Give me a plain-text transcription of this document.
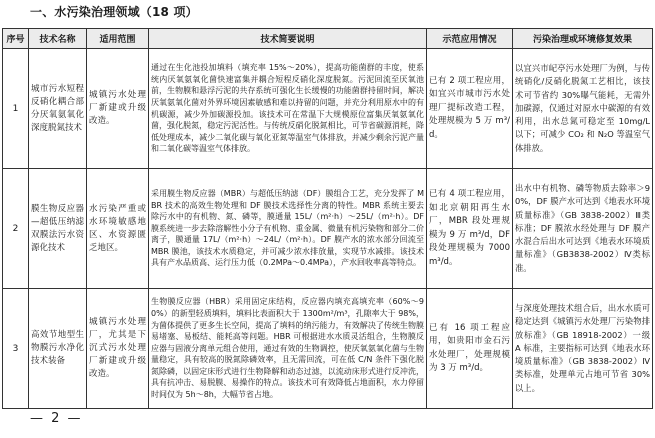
一、水污染治理领域（18 项）
序号	技术名称	适用范围	技术简要说明	示范应用情况	污染治理或环境修复效果
1	城市污水短程反硝化耦合部分厌氧氨氧化深度脱氮技术	城镇污水处理厂新建或升级改造。	通过在生化池投加填料（填充率 15%～20%），提高功能菌群的丰度，使系统内厌氧氨氧化菌快速富集并耦合短程反硝化深度脱氮。污泥回流至厌氧池前，生物膜和悬浮污泥的共存系统可强化生长缓慢的功能菌群持留时间，解决厌氧氨氧化菌对外界环境因素敏感和难以持留的问题，并充分利用原水中的有机碳源，减少外加碳源投加。该技术可在常温下大规模原位富集厌氧氨氧化菌，强化脱氮，稳定污泥活性。与传统反硝化脱氮相比，可节省碳源消耗，降低处理成本，减少二氧化碳与氧化亚氮等温室气体排放，并减少剩余污泥产量和二氧化碳等温室气体排放。	已有 2 项工程应用，如宜兴市城市污水处理厂提标改造工程，处理规模为 5 万 m³/d。	以宜兴市屺亭污水处理厂为例，与传统硝化/反硝化脱氮工艺相比，该技术可节省约 30%曝气能耗，无需外加碳源，仅通过对原水中碳源的有效利用，出水总氮可稳定至 10mg/L 以下；可减少 CO₂ 和 N₂O 等温室气体排放。
2	膜生物反应器—超低压纳滤双膜法污水资源化技术	水污染严重或水环境敏感地区、水资源匮乏地区。	采用膜生物反应器（MBR）与超低压纳滤（DF）膜组合工艺，充分发挥了 MBR 技术的高效生物处理和 DF 膜技术选择性分离的特性。MBR 系统主要去除污水中的有机物、氮、磷等，膜通量 15L/（m²·h）～25L/（m²·h）。DF 膜系统进一步去除溶解性小分子有机物、重金属、微量有机污染物和部分二价离子，膜通量 17L/（m²·h）～24L/（m²·h）。DF 膜产水的浓水部分回流至 MBR 膜池，该技术水质稳定，并可减少浓水排放量，实现节水减排。该技术具有产水品质高、运行压力低（0.2MPa～0.4MPa），产水回收率高等特点。	已有 4 项工程应用，如北京朝阳再生水厂，MBR 段处理规模为 9 万 m³/d，DF 段处理规模为 7000m³/d。	出水中有机物、磷等物质去除率＞90%，DF 膜产水可达到《地表水环境质量标准》（GB 3838-2002）Ⅲ类标准；DF 膜浓水经处理与 DF 膜产水混合后出水可达到《地表水环境质量标准》（GB3838-2002）Ⅳ类标准。
3	高效节地型生物膜污水净化技术装备	城镇污水处理厂，尤其是下沉式污水处理厂新建或升级改造。	生物膜反应器（HBR）采用固定床结构，反应器内填充高填充率（60%～90%）的新型轻质填料，填料比表面积大于 1300m²/m³，孔隙率大于 98%，为菌体提供了更多生长空间，提高了填料的纳污能力，有效解决了传统生物膜易堵塞、易板结、能耗高等问题。HBR 可根据进水水质灵活组合，生物膜反应器与固液分离单元组合使用，通过有效的生物调控，使厌氧氨氧化菌与生物量稳定，具有较高的脱氮除磷效率，且无需回流，可在低 C/N 条件下强化脱氮除磷，以固定床形式进行生物降解和动态过滤，以流动床形式进行反冲洗，具有抗冲击、易脱膜、易操作的特点。该技术可有效降低占地面积，水力停留时间仅为 5h～8h，大幅节省占地。	已有 16 项工程应用，如贵阳市金石污水处理厂，处理规模为 3 万 m³/d。	与深度处理技术组合后，出水水质可稳定达到《城镇污水处理厂污染物排放标准》（GB 18918-2002）一级 A 标准，主要指标可达到《地表水环境质量标准》（GB 3838-2002）Ⅳ类标准，处理单元占地可节省 30%以上。
— 2 —
